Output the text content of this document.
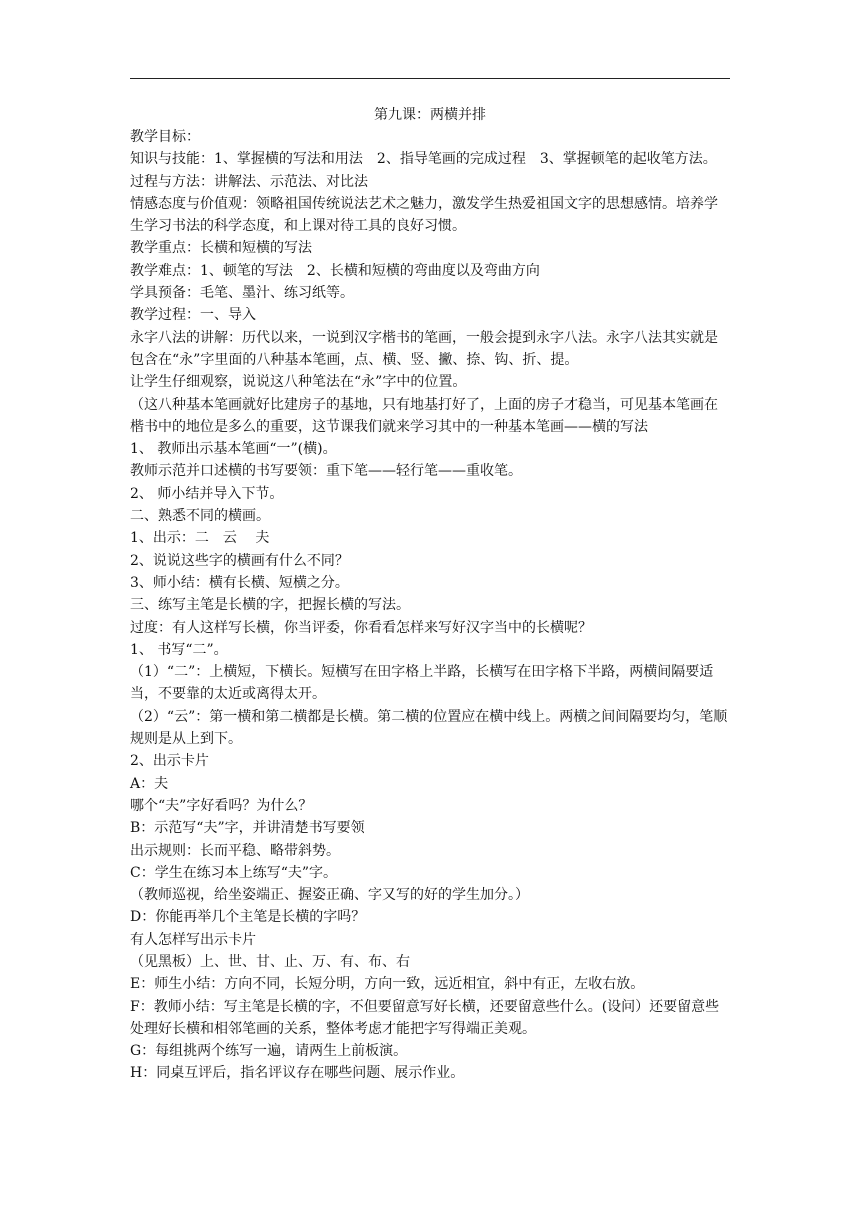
第九课：两横并排

教学目标：

知识与技能：1、掌握横的写法和用法　2、指导笔画的完成过程　3、掌握顿笔的起收笔方法。

过程与方法：讲解法、示范法、对比法

情感态度与价值观：领略祖国传统说法艺术之魅力，激发学生热爱祖国文字的思想感情。培养学生学习书法的科学态度，和上课对待工具的良好习惯。

教学重点：长横和短横的写法

教学难点：1、顿笔的写法　2、长横和短横的弯曲度以及弯曲方向

学具预备：毛笔、墨汁、练习纸等。

教学过程：一、导入

永字八法的讲解：历代以来，一说到汉字楷书的笔画，一般会提到永字八法。永字八法其实就是包含在“永”字里面的八种基本笔画，点、横、竖、撇、捺、钩、折、提。

让学生仔细观察，说说这八种笔法在“永”字中的位置。

（这八种基本笔画就好比建房子的基地，只有地基打好了，上面的房子才稳当，可见基本笔画在楷书中的地位是多么的重要，这节课我们就来学习其中的一种基本笔画——横的写法

1、 教师出示基本笔画“一”(横)。

教师示范并口述横的书写要领：重下笔——轻行笔——重收笔。

2、 师小结并导入下节。

二、熟悉不同的横画。

1、出示：二　云　 夫

2、说说这些字的横画有什么不同？

3、师小结：横有长横、短横之分。

三、练写主笔是长横的字，把握长横的写法。

过度：有人这样写长横，你当评委，你看看怎样来写好汉字当中的长横呢？

1、 书写“二”。

（1）“二”：上横短，下横长。短横写在田字格上半路，长横写在田字格下半路，两横间隔要适当，不要靠的太近或离得太开。

（2）“云”：第一横和第二横都是长横。第二横的位置应在横中线上。两横之间间隔要均匀，笔顺规则是从上到下。

2、出示卡片

A：夫

哪个“夫”字好看吗？为什么？

B：示范写“夫”字，并讲清楚书写要领

出示规则：长而平稳、略带斜势。

C：学生在练习本上练写“夫”字。

（教师巡视，给坐姿端正、握姿正确、字又写的好的学生加分。）

D：你能再举几个主笔是长横的字吗？

有人怎样写出示卡片

（见黑板）上、世、甘、止、万、有、布、右

E：师生小结：方向不同，长短分明，方向一致，远近相宜，斜中有正，左收右放。

F：教师小结：写主笔是长横的字，不但要留意写好长横，还要留意些什么。(设问）还要留意些处理好长横和相邻笔画的关系，整体考虑才能把字写得端正美观。

G：每组挑两个练写一遍，请两生上前板演。

H：同桌互评后，指名评议存在哪些问题、展示作业。
